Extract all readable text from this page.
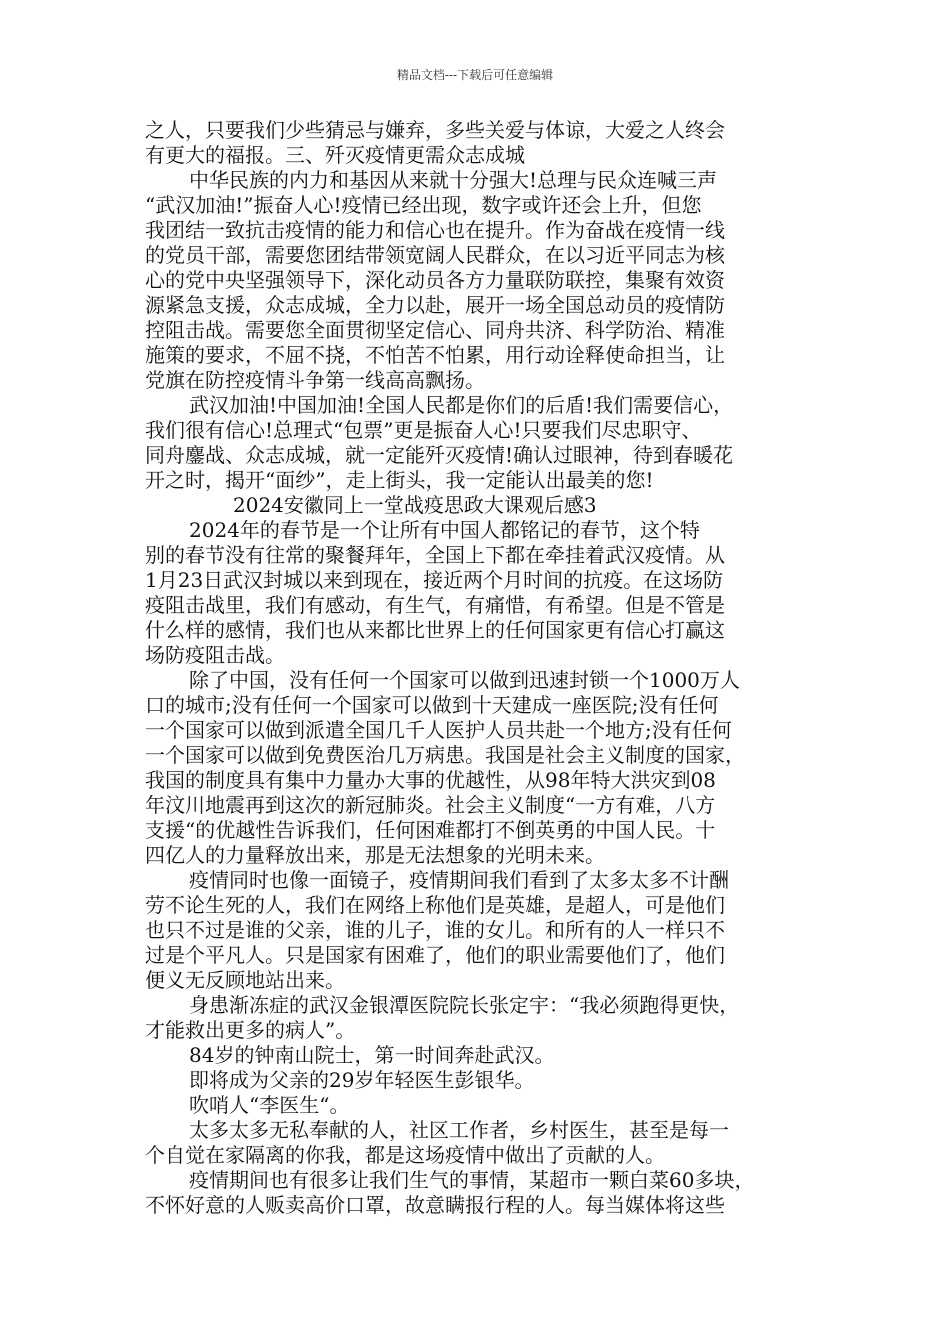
精品文档---下载后可任意编辑
之人，只要我们少些猜忌与嫌弃，多些关爱与体谅，大爱之人终会
有更大的福报。三、歼灭疫情更需众志成城
中华民族的内力和基因从来就十分强大!总理与民众连喊三声
“武汉加油!”振奋人心!疫情已经出现，数字或许还会上升，但您
我团结一致抗击疫情的能力和信心也在提升。作为奋战在疫情一线
的党员干部，需要您团结带领宽阔人民群众，在以习近平同志为核
心的党中央坚强领导下，深化动员各方力量联防联控，集聚有效资
源紧急支援，众志成城，全力以赴，展开一场全国总动员的疫情防
控阻击战。需要您全面贯彻坚定信心、同舟共济、科学防治、精准
施策的要求，不屈不挠，不怕苦不怕累，用行动诠释使命担当，让
党旗在防控疫情斗争第一线高高飘扬。
武汉加油!中国加油!全国人民都是你们的后盾!我们需要信心，
我们很有信心!总理式“包票”更是振奋人心!只要我们尽忠职守、
同舟鏖战、众志成城，就一定能歼灭疫情!确认过眼神，待到春暖花
开之时，揭开“面纱”，走上街头，我一定能认出最美的您!
2024安徽同上一堂战疫思政大课观后感3
2024年的春节是一个让所有中国人都铭记的春节，这个特
别的春节没有往常的聚餐拜年，全国上下都在牵挂着武汉疫情。从
1月23日武汉封城以来到现在，接近两个月时间的抗疫。在这场防
疫阻击战里，我们有感动，有生气，有痛惜，有希望。但是不管是
什么样的感情，我们也从来都比世界上的任何国家更有信心打赢这
场防疫阻击战。
除了中国，没有任何一个国家可以做到迅速封锁一个1000万人
口的城市;没有任何一个国家可以做到十天建成一座医院;没有任何
一个国家可以做到派遣全国几千人医护人员共赴一个地方;没有任何
一个国家可以做到免费医治几万病患。我国是社会主义制度的国家，
我国的制度具有集中力量办大事的优越性，从98年特大洪灾到08
年汶川地震再到这次的新冠肺炎。社会主义制度“一方有难，八方
支援“的优越性告诉我们，任何困难都打不倒英勇的中国人民。十
四亿人的力量释放出来，那是无法想象的光明未来。
疫情同时也像一面镜子，疫情期间我们看到了太多太多不计酬
劳不论生死的人，我们在网络上称他们是英雄，是超人，可是他们
也只不过是谁的父亲，谁的儿子，谁的女儿。和所有的人一样只不
过是个平凡人。只是国家有困难了，他们的职业需要他们了，他们
便义无反顾地站出来。
身患渐冻症的武汉金银潭医院院长张定宇：“我必须跑得更快，
才能救出更多的病人”。
84岁的钟南山院士，第一时间奔赴武汉。
即将成为父亲的29岁年轻医生彭银华。
吹哨人“李医生“。
太多太多无私奉献的人，社区工作者，乡村医生，甚至是每一
个自觉在家隔离的你我，都是这场疫情中做出了贡献的人。
疫情期间也有很多让我们生气的事情，某超市一颗白菜60多块，
不怀好意的人贩卖高价口罩，故意瞒报行程的人。每当媒体将这些
